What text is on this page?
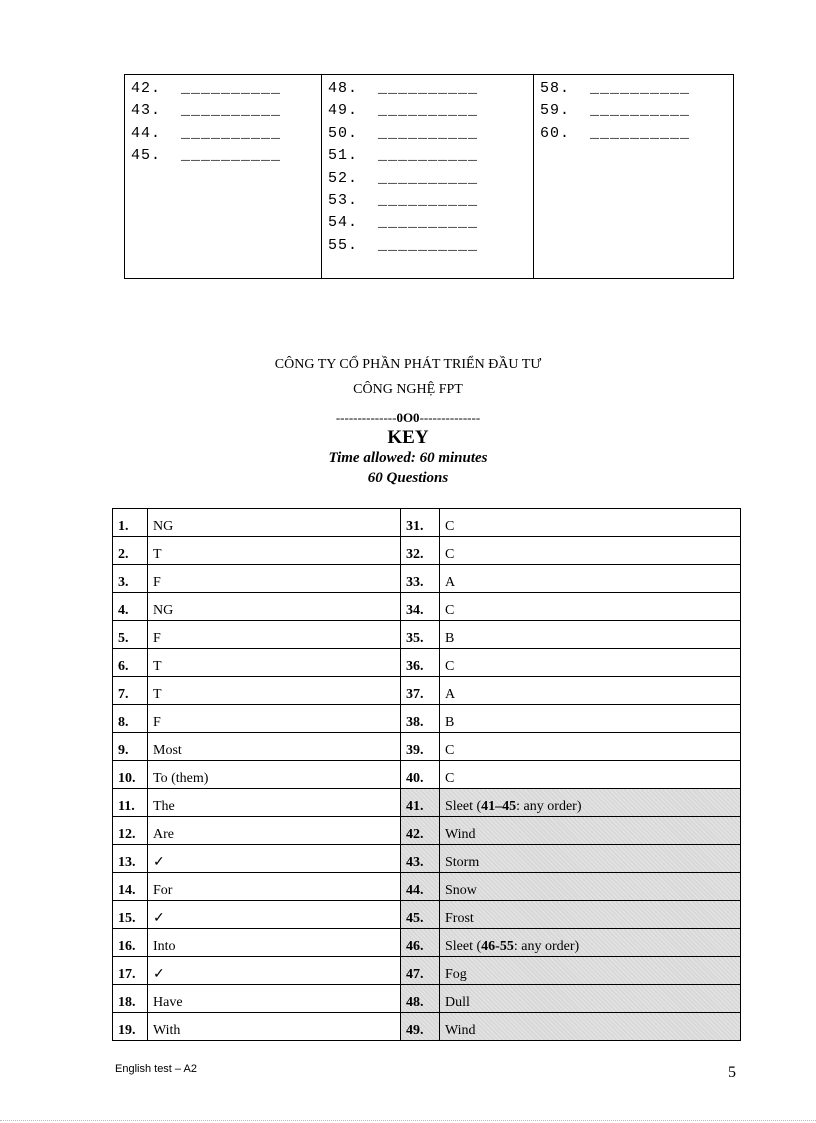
42.  __________
43.  __________
44.  __________
45.  __________
48.  __________
49.  __________
50.  __________
51.  __________
52.  __________
53.  __________
54.  __________
55.  __________
58.  __________
59.  __________
60.  __________
CÔNG TY CỔ PHẦN PHÁT TRIỂN ĐẦU TƯ
CÔNG NGHỆ FPT
--------------0O0--------------
KEY
Time allowed: 60 minutes
60 Questions
1.	NG	31.	C
2.	T	32.	C
3.	F	33.	A
4.	NG	34.	C
5.	F	35.	B
6.	T	36.	C
7.	T	37.	A
8.	F	38.	B
9.	Most	39.	C
10.	To (them)	40.	C
11.	The	41.	Sleet (41–45: any order)
12.	Are	42.	Wind
13.	✓	43.	Storm
14.	For	44.	Snow
15.	✓	45.	Frost
16.	Into	46.	Sleet (46-55: any order)
17.	✓	47.	Fog
18.	Have	48.	Dull
19.	With	49.	Wind
English test – A2	5
